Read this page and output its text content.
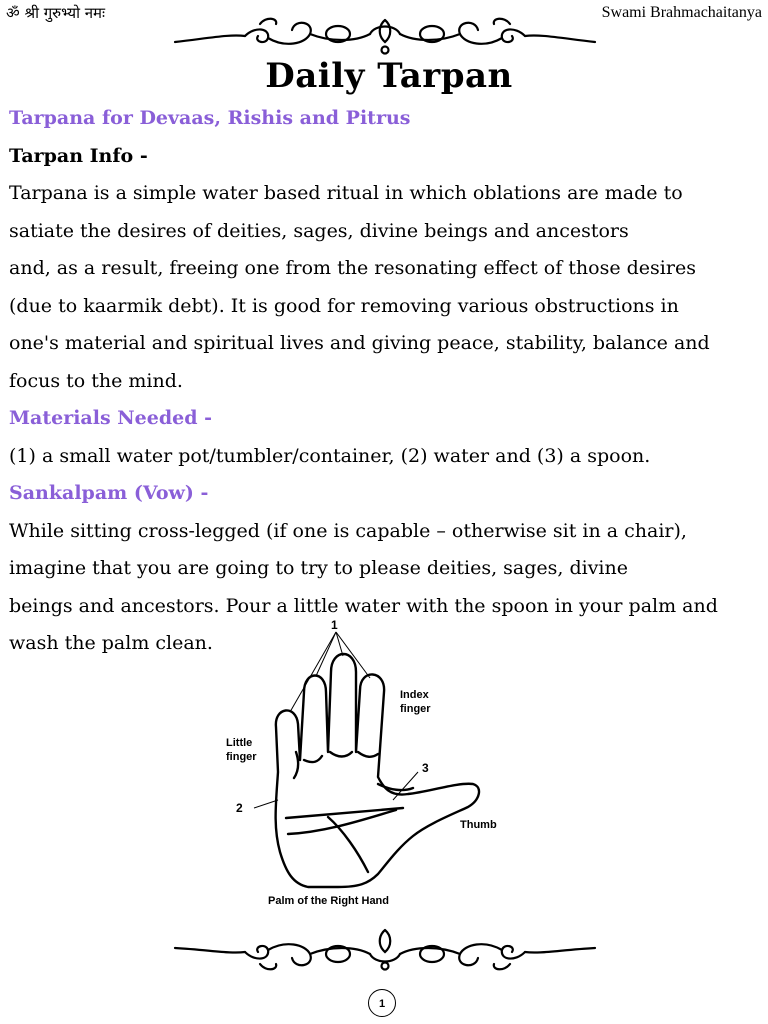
ॐ श्री गुरुभ्यो नमः	Swami Brahmachaitanya
Daily Tarpan

Tarpana for Devaas, Rishis and Pitrus

Tarpan Info -

Tarpana is a simple water based ritual in which oblations are made to

satiate the desires of deities, sages, divine beings and ancestors

and, as a result, freeing one from the resonating effect of those desires

(due to kaarmik debt). It is good for removing various obstructions in

one's material and spiritual lives and giving peace, stability, balance and

focus to the mind.

Materials Needed -

(1) a small water pot/tumbler/container, (2) water and (3) a spoon.

Sankalpam (Vow) -

While sitting cross-legged (if one is capable – otherwise sit in a chair),

imagine that you are going to try to please deities, sages, divine

beings and ancestors. Pour a little water with the spoon in your palm and

wash the palm clean.

1
2
3
Index
finger
Little
finger
Thumb
Palm of the Right Hand
1
